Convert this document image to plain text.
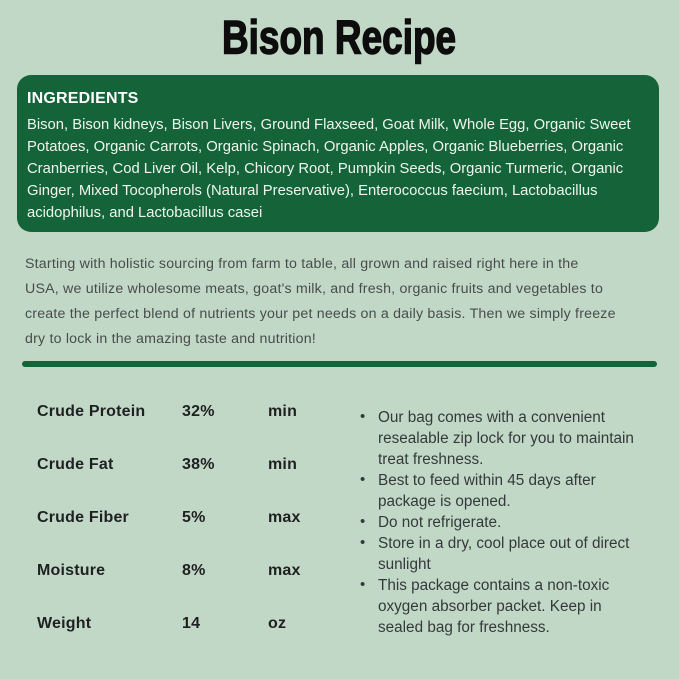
Bison Recipe
INGREDIENTS

Bison, Bison kidneys, Bison Livers, Ground Flaxseed, Goat Milk, Whole Egg, Organic Sweet

Potatoes, Organic Carrots, Organic Spinach, Organic Apples, Organic Blueberries, Organic

Cranberries, Cod Liver Oil, Kelp, Chicory Root, Pumpkin Seeds, Organic Turmeric, Organic

Ginger, Mixed Tocopherols (Natural Preservative), Enterococcus faecium, Lactobacillus

acidophilus, and Lactobacillus casei

Starting with holistic sourcing from farm to table, all grown and raised right here in the

USA, we utilize wholesome meats, goat's milk, and fresh, organic fruits and vegetables to

create the perfect blend of nutrients your pet needs on a daily basis. Then we simply freeze

dry to lock in the amazing taste and nutrition!

Crude Protein	32%	min
Crude Fat	38%	min
Crude Fiber	5%	max
Moisture	8%	max
Weight	14	oz
• Our bag comes with a convenient
resealable zip lock for you to maintain
treat freshness.
• Best to feed within 45 days after
package is opened.
• Do not refrigerate.
• Store in a dry, cool place out of direct
sunlight
• This package contains a non-toxic
oxygen absorber packet. Keep in
sealed bag for freshness.
